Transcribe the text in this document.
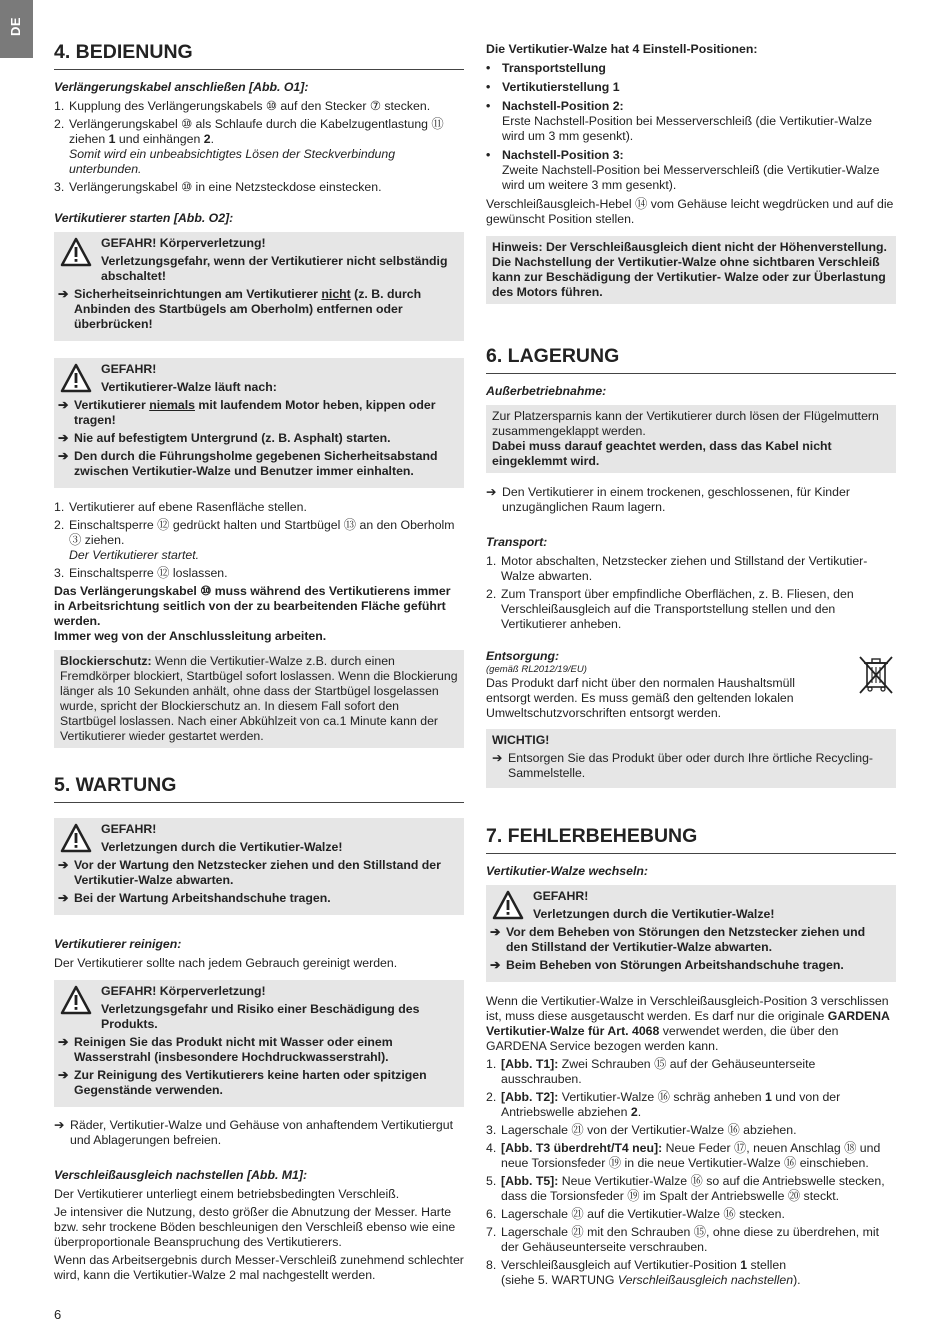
DE
4. BEDIENUNG
Verlängerungskabel anschließen [Abb. O1]:
1. Kupplung des Verlängerungskabels ⑩ auf den Stecker ⑦ stecken.
2. Verlängerungskabel ⑩ als Schlaufe durch die Kabelzugentlastung ⑪ ziehen 1 und einhängen 2.
Somit wird ein unbeabsichtigtes Lösen der Steckverbindung unterbunden.
3. Verlängerungskabel ⑩ in eine Netzsteckdose einstecken.
Vertikutierer starten [Abb. O2]:
GEFAHR! Körperverletzung!
Verletzungsgefahr, wenn der Vertikutierer nicht selbständig abschaltet!
➔ Sicherheitseinrichtungen am Vertikutierer nicht (z. B. durch Anbinden des Startbügels am Oberholm) entfernen oder überbrücken!
GEFAHR!
Vertikutierer-Walze läuft nach:
➔ Vertikutierer niemals mit laufendem Motor heben, kippen oder tragen!
➔ Nie auf befestigtem Untergrund (z. B. Asphalt) starten.
➔ Den durch die Führungsholme gegebenen Sicherheitsabstand zwischen Vertikutier-Walze und Benutzer immer einhalten.
1. Vertikutierer auf ebene Rasenfläche stellen.
2. Einschaltsperre ⑫ gedrückt halten und Startbügel ⑬ an den Oberholm ③ ziehen.
Der Vertikutierer startet.
3. Einschaltsperre ⑫ loslassen.

Das Verlängerungskabel ⑩ muss während des Vertikutierens immer in Arbeitsrichtung seitlich von der zu bearbeitenden Fläche geführt werden.

Immer weg von der Anschlussleitung arbeiten.

Blockierschutz: Wenn die Vertikutier-Walze z.B. durch einen Fremdkörper blockiert, Startbügel sofort loslassen. Wenn die Blockierung länger als 10 Sekunden anhält, ohne dass der Startbügel losgelassen wurde, spricht der Blockierschutz an. In diesem Fall sofort den Startbügel loslassen. Nach einer Abkühlzeit von ca.1 Minute kann der Vertikutierer wieder gestartet werden.
5. WARTUNG
GEFAHR!
Verletzungen durch die Vertikutier-Walze!
➔ Vor der Wartung den Netzstecker ziehen und den Stillstand der Vertikutier-Walze abwarten.
➔ Bei der Wartung Arbeitshandschuhe tragen.
Vertikutierer reinigen:

Der Vertikutierer sollte nach jedem Gebrauch gereinigt werden.

GEFAHR! Körperverletzung!
Verletzungsgefahr und Risiko einer Beschädigung des Produkts.
➔ Reinigen Sie das Produkt nicht mit Wasser oder einem Wasserstrahl (insbesondere Hochdruckwasserstrahl).
➔ Zur Reinigung des Vertikutierers keine harten oder spitzigen Gegenstände verwenden.
➔ Räder, Vertikutier-Walze und Gehäuse von anhaftendem Vertikutiergut und Ablagerungen befreien.
Verschleißausgleich nachstellen [Abb. M1]:

Der Vertikutierer unterliegt einem betriebsbedingten Verschleiß.

Je intensiver die Nutzung, desto größer die Abnutzung der Messer. Harte bzw. sehr trockene Böden beschleunigen den Verschleiß ebenso wie eine überproportionale Beanspruchung des Vertikutierers.

Wenn das Arbeitsergebnis durch Messer-Verschleiß zunehmend schlechter wird, kann die Vertikutier-Walze 2 mal nachgestellt werden.

Die Vertikutier-Walze hat 4 Einstell-Positionen:

• Transportstellung
• Vertikutierstellung 1
• Nachstell-Position 2:
Erste Nachstell-Position bei Messerverschleiß (die Vertikutier-Walze wird um 3 mm gesenkt).
• Nachstell-Position 3:
Zweite Nachstell-Position bei Messerverschleiß (die Vertikutier-Walze wird um weitere 3 mm gesenkt).

Verschleißausgleich-Hebel ⑭ vom Gehäuse leicht wegdrücken und auf die gewünscht Position stellen.

Hinweis: Der Verschleißausgleich dient nicht der Höhenverstellung. Die Nachstellung der Vertikutier-Walze ohne sichtbaren Verschleiß kann zur Beschädigung der Vertikutier- Walze oder zur Überlastung des Motors führen.
6. LAGERUNG
Außerbetriebnahme:
Zur Platzersparnis kann der Vertikutierer durch lösen der Flügelmuttern zusammengeklappt werden.
Dabei muss darauf geachtet werden, dass das Kabel nicht eingeklemmt wird.
➔ Den Vertikutierer in einem trockenen, geschlossenen, für Kinder unzugänglichen Raum lagern.
Transport:
1. Motor abschalten, Netzstecker ziehen und Stillstand der Vertikutier-Walze abwarten.
2. Zum Transport über empfindliche Oberflächen, z. B. Fliesen, den Verschleißausgleich auf die Transportstellung stellen und den Vertikutierer anheben.
Entsorgung:
(gemäß RL2012/19/EU)

Das Produkt darf nicht über den normalen Haushaltsmüll entsorgt werden. Es muss gemäß den geltenden lokalen Umweltschutzvorschriften entsorgt werden.

WICHTIG!
➔ Entsorgen Sie das Produkt über oder durch Ihre örtliche Recycling-Sammelstelle.
7. FEHLERBEHEBUNG
Vertikutier-Walze wechseln:
GEFAHR!
Verletzungen durch die Vertikutier-Walze!
➔ Vor dem Beheben von Störungen den Netzstecker ziehen und den Stillstand der Vertikutier-Walze abwarten.
➔ Beim Beheben von Störungen Arbeitshandschuhe tragen.

Wenn die Vertikutier-Walze in Verschleißausgleich-Position 3 verschlissen ist, muss diese ausgetauscht werden. Es darf nur die originale GARDENA Vertikutier-Walze für Art. 4068 verwendet werden, die über den GARDENA Service bezogen werden kann.

1. [Abb. T1]: Zwei Schrauben ⑮ auf der Gehäuseunterseite ausschrauben.
2. [Abb. T2]: Vertikutier-Walze ⑯ schräg anheben 1 und von der Antriebswelle abziehen 2.
3. Lagerschale ㉑ von der Vertikutier-Walze ⑯ abziehen.
4. [Abb. T3 überdreht/T4 neu]: Neue Feder ⑰, neuen Anschlag ⑱ und neue Torsionsfeder ⑲ in die neue Vertikutier-Walze ⑯ einschieben.
5. [Abb. T5]: Neue Vertikutier-Walze ⑯ so auf die Antriebswelle stecken, dass die Torsionsfeder ⑲ im Spalt der Antriebswelle ⑳ steckt.
6. Lagerschale ㉑ auf die Vertikutier-Walze ⑯ stecken.
7. Lagerschale ㉑ mit den Schrauben ⑮, ohne diese zu überdrehen, mit der Gehäuseunterseite verschrauben.
8. Verschleißausgleich auf Vertikutier-Position 1 stellen
(siehe 5. WARTUNG Verschleißausgleich nachstellen).
6
